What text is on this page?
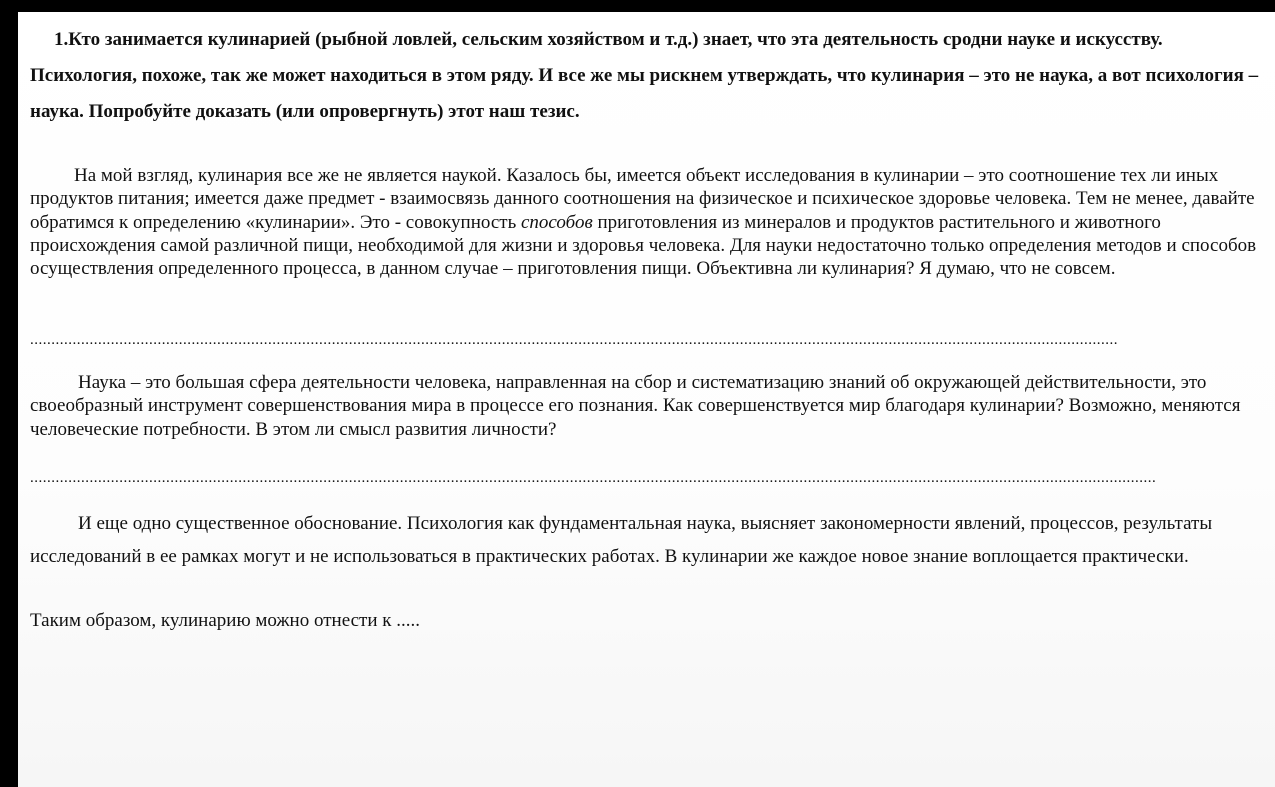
1.Кто занимается кулинарией (рыбной ловлей, сельским хозяйством и т.д.) знает, что эта деятельность сродни науке и искусству. Психология, похоже, так же может находиться в этом ряду. И все же мы рискнем утверждать, что кулинария – это не наука, а вот психология – наука. Попробуйте доказать (или опровергнуть) этот наш тезис.

На мой взгляд, кулинария все же не является наукой. Казалось бы, имеется объект исследования в кулинарии – это соотношение тех ли иных продуктов питания; имеется даже предмет - взаимосвязь данного соотношения на физическое и психическое здоровье человека. Тем не менее, давайте обратимся к определению «кулинарии». Это - совокупность способов приготовления из минералов и продуктов растительного и животного происхождения самой различной пищи, необходимой для жизни и здоровья человека. Для науки недостаточно только определения методов и способов осуществления определенного процесса, в данном случае – приготовления пищи. Объективна ли кулинария? Я думаю, что не совсем.

................................................................................................................................................................................................................................................................

Наука – это большая сфера деятельности человека, направленная на сбор и систематизацию знаний об окружающей действительности, это своеобразный инструмент совершенствования мира в процессе его познания. Как совершенствуется мир благодаря кулинарии? Возможно, меняются человеческие потребности. В этом ли смысл развития личности?

.........................................................................................................................................................................................................................................................................

И еще одно существенное обоснование. Психология как фундаментальная наука, выясняет закономерности явлений, процессов, результаты исследований в ее рамках могут и не использоваться в практических работах. В кулинарии же каждое новое знание воплощается практически.

Таким образом, кулинарию можно отнести к .....
